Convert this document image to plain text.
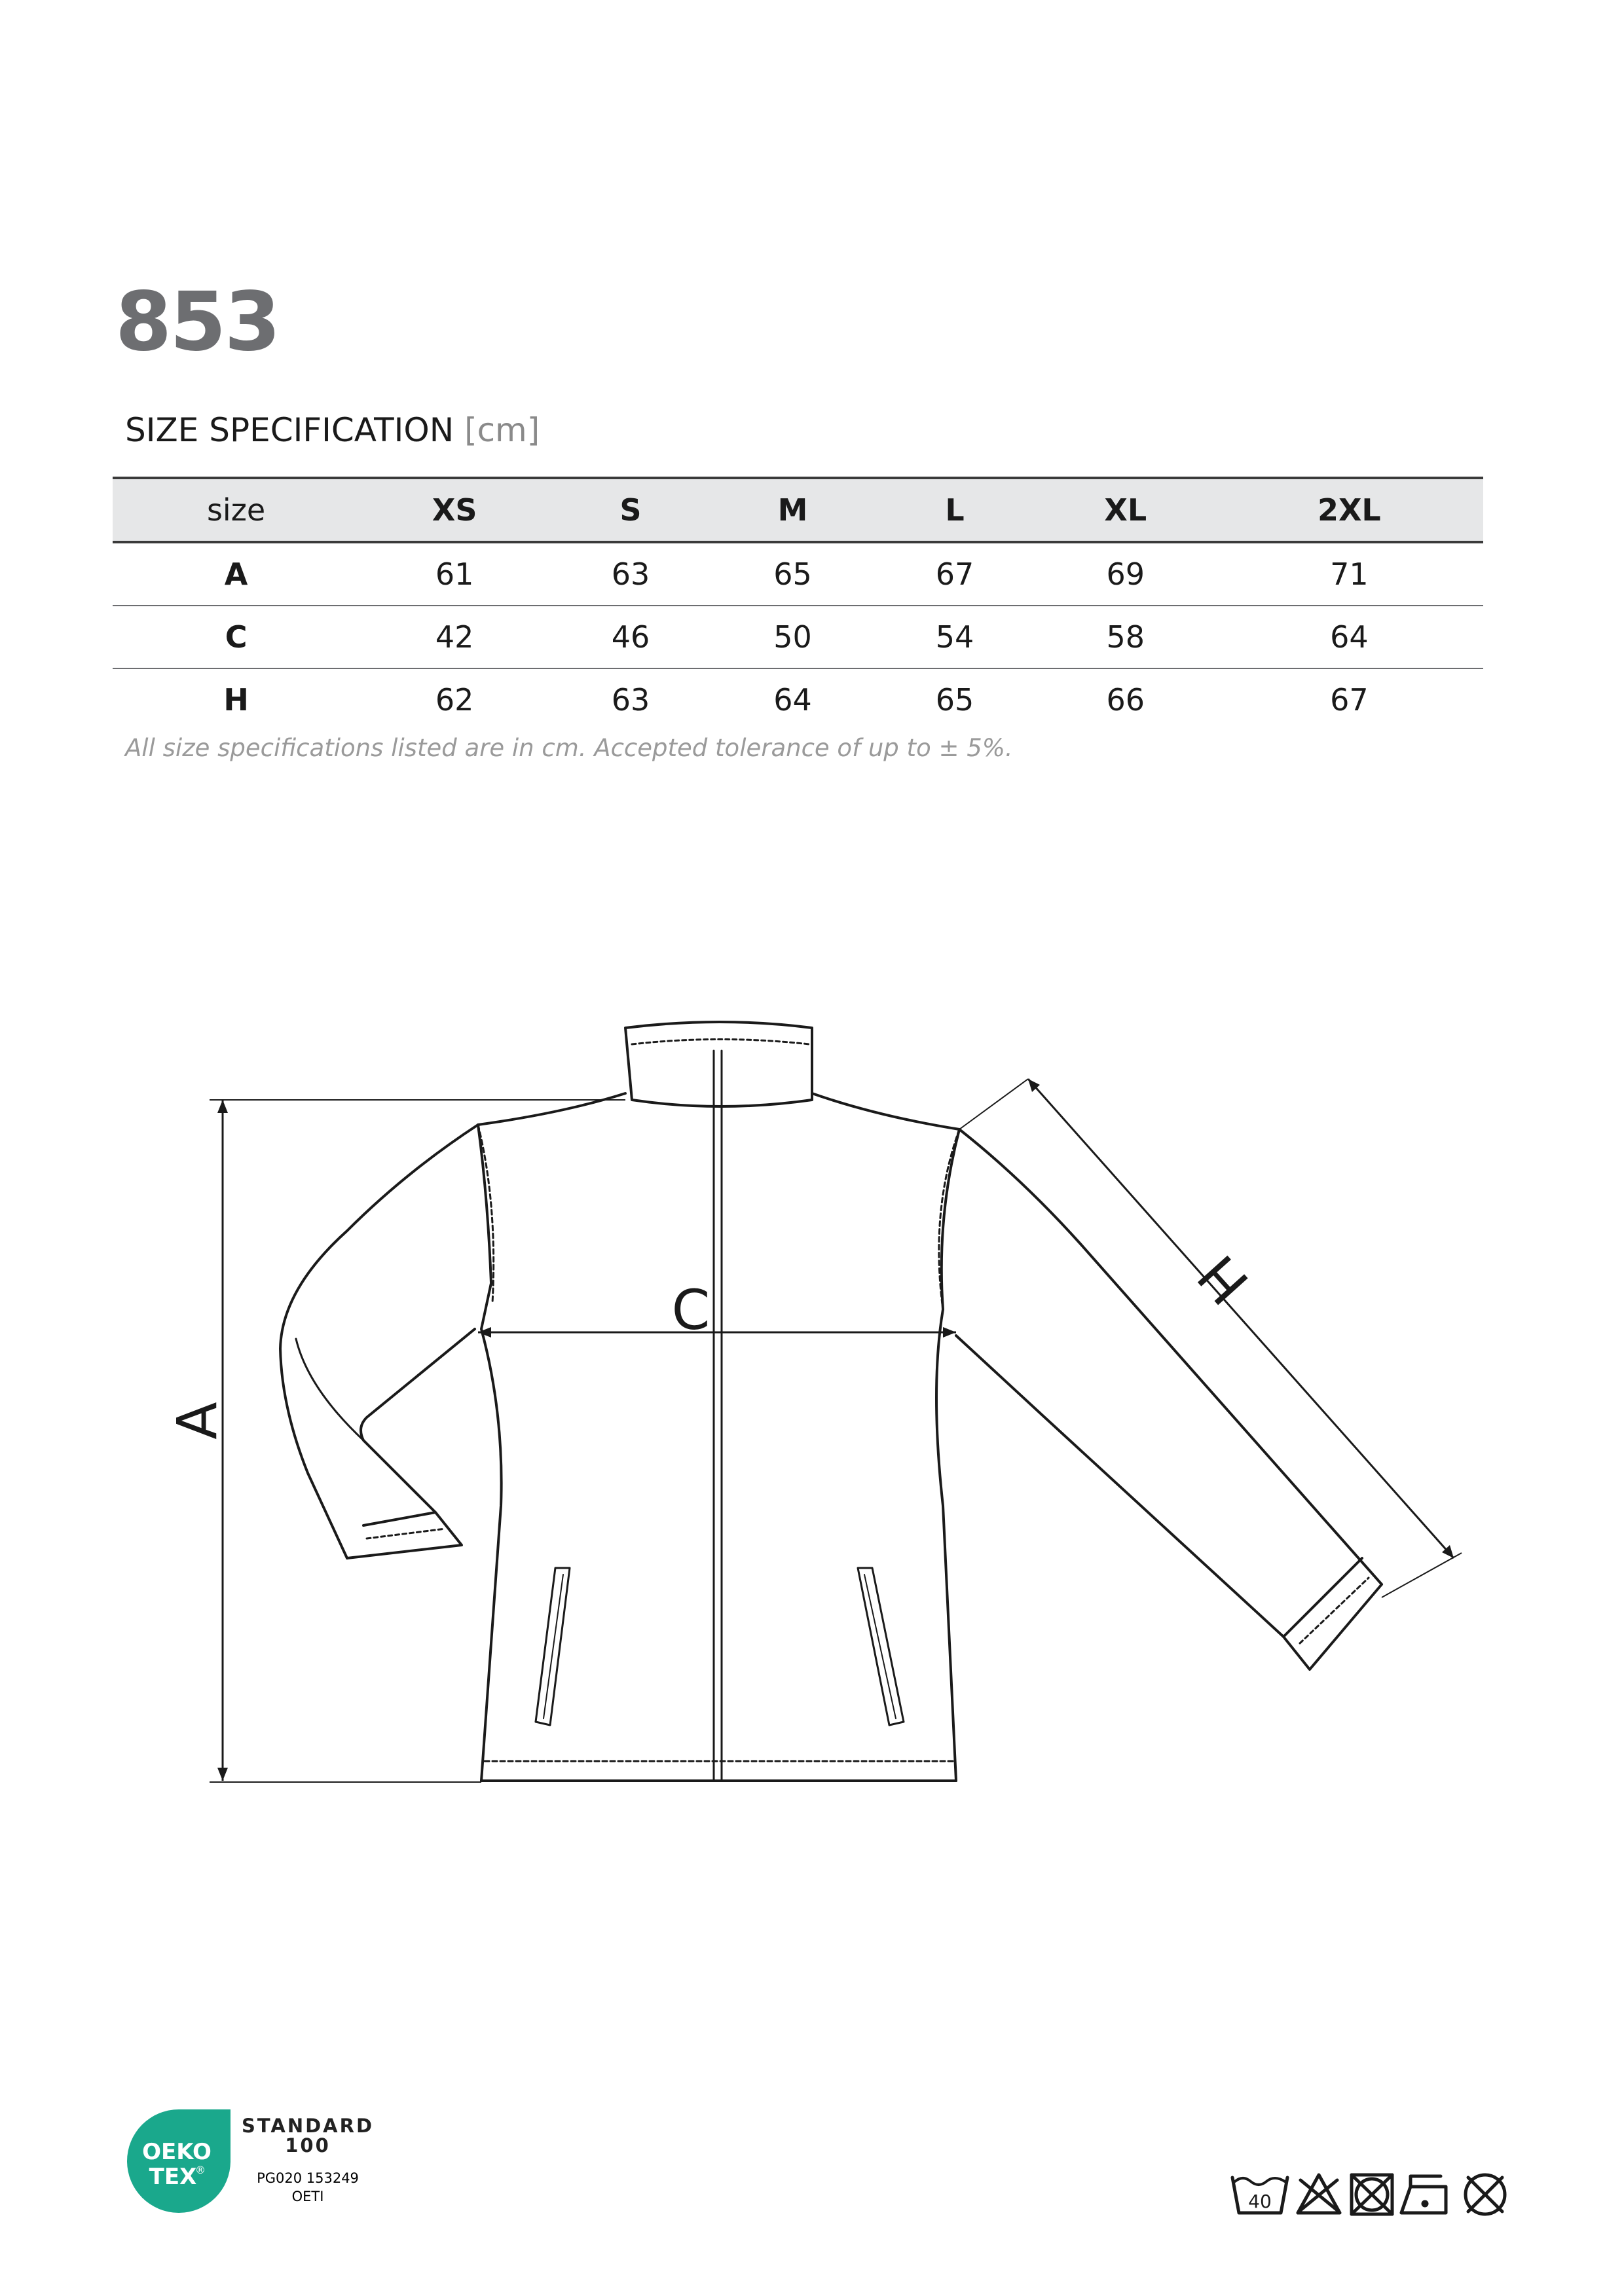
853
SIZE SPECIFICATION [cm]
size	XS	S	M	L	XL	2XL
A	61	63	65	67	69	71
C	42	46	50	54	58	64
H	62	63	64	65	66	67
All size specifications listed are in cm. Accepted tolerance of up to ± 5%.
A
C	H
OEKO
TEX
®
STANDARD
100
PG020 153249
OETI	40
